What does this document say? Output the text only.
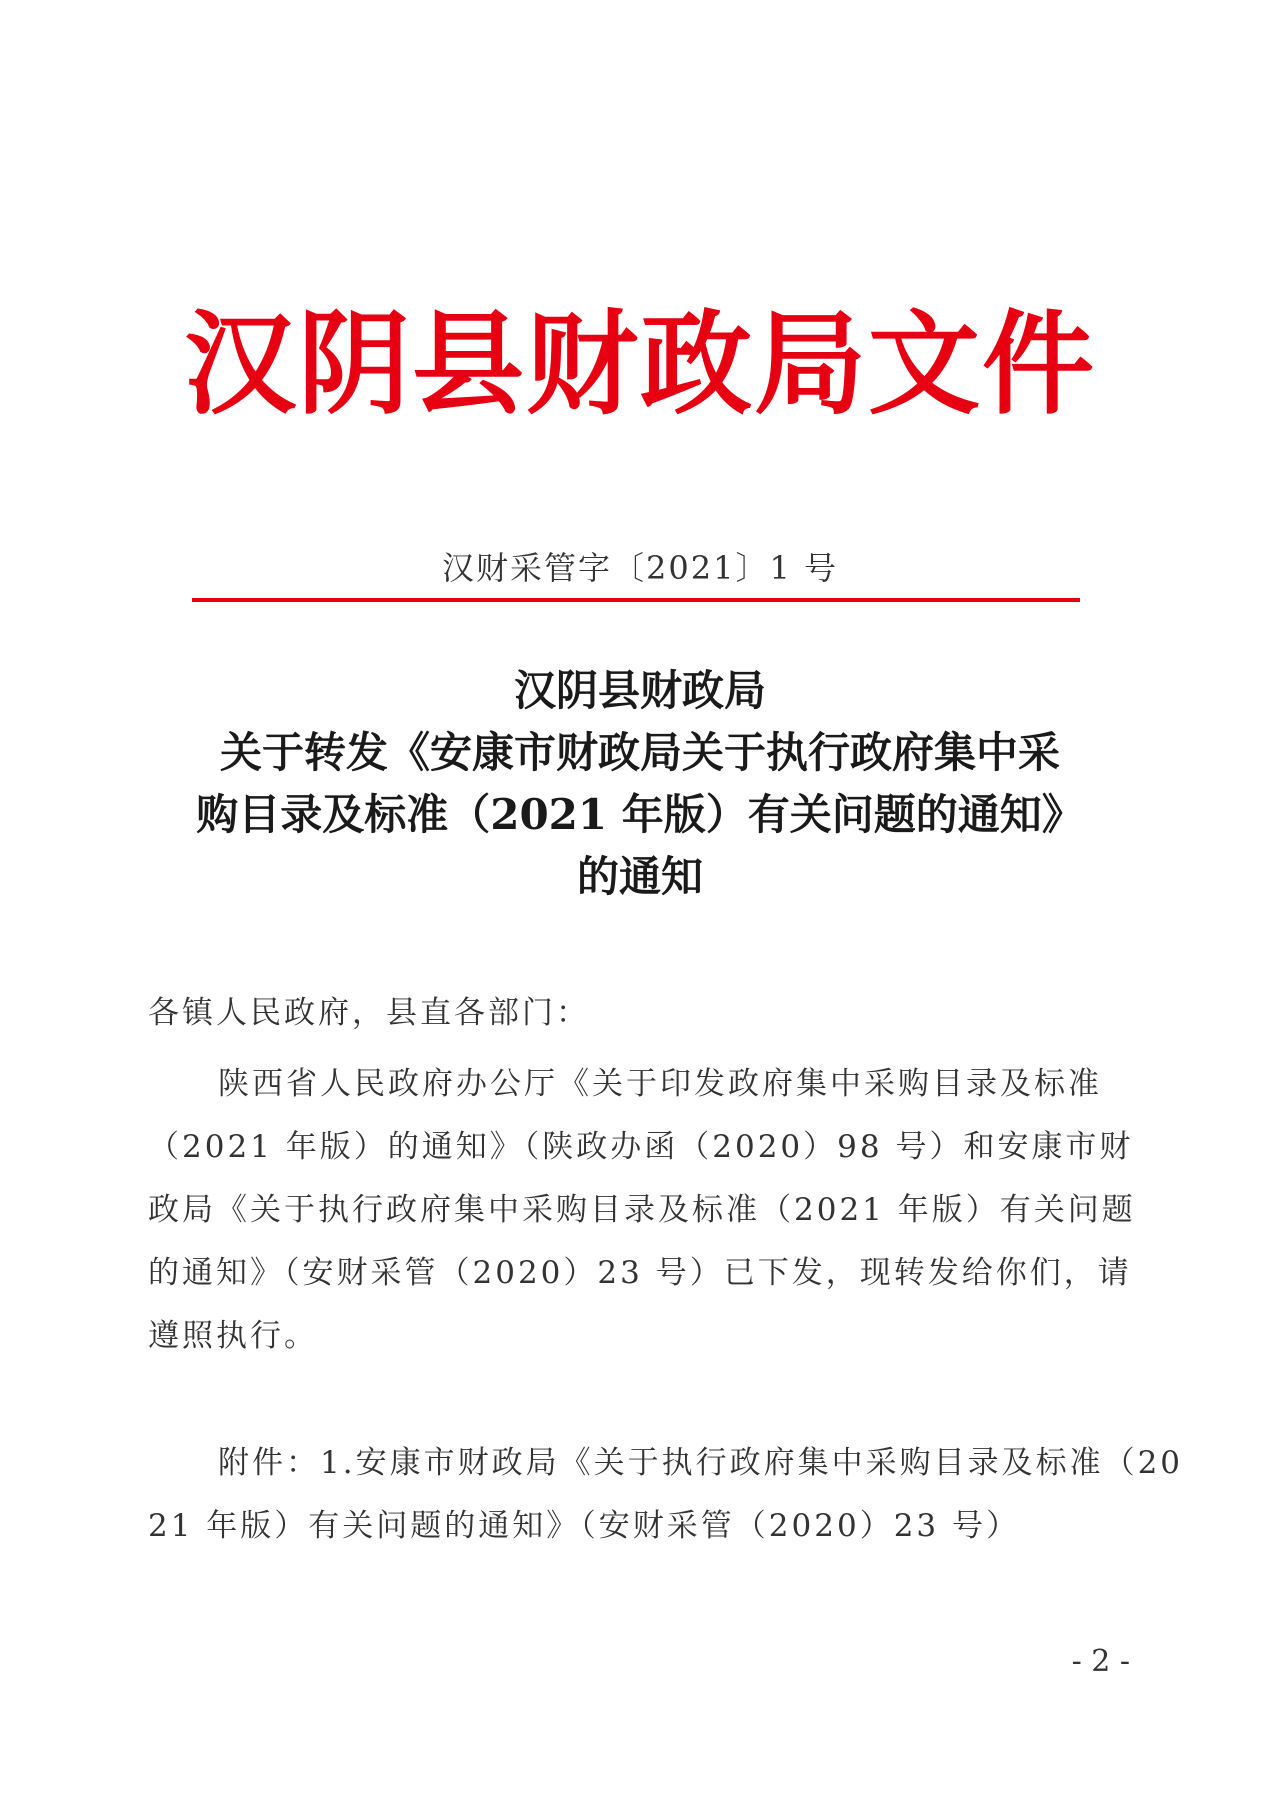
汉阴县财政局文件
汉财采管字〔2021〕1 号
汉阴县财政局
关于转发《安康市财政局关于执行政府集中采
购目录及标准（2021 年版）有关问题的通知》
的通知
各镇人民政府，县直各部门：
陕西省人民政府办公厅《关于印发政府集中采购目录及标准
（2021 年版）的通知》（陕政办函（2020）98 号）和安康市财
政局《关于执行政府集中采购目录及标准（2021 年版）有关问题
的通知》（安财采管（2020）23 号）已下发，现转发给你们，请
遵照执行。
附件：1.安康市财政局《关于执行政府集中采购目录及标准（20
21 年版）有关问题的通知》（安财采管（2020）23 号）
- 2 -
